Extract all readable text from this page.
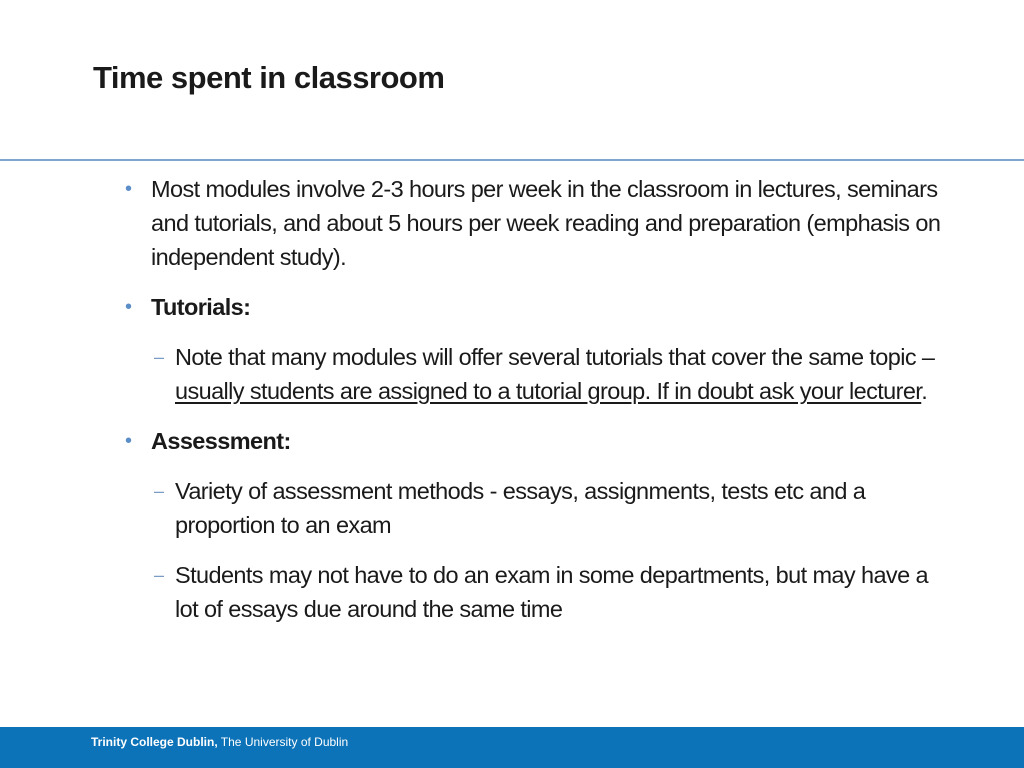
Time spent in classroom
• Most modules involve 2-3 hours per week in the classroom in lectures, seminars and tutorials, and about 5 hours per week reading and preparation (emphasis on independent study).
• Tutorials:
– Note that many modules will offer several tutorials that cover the same topic – usually students are assigned to a tutorial group. If in doubt ask your lecturer.
• Assessment:
– Variety of assessment methods - essays, assignments, tests etc and a proportion to an exam
– Students may not have to do an exam in some departments, but may have a lot of essays due around the same time
Trinity College Dublin, The University of Dublin
